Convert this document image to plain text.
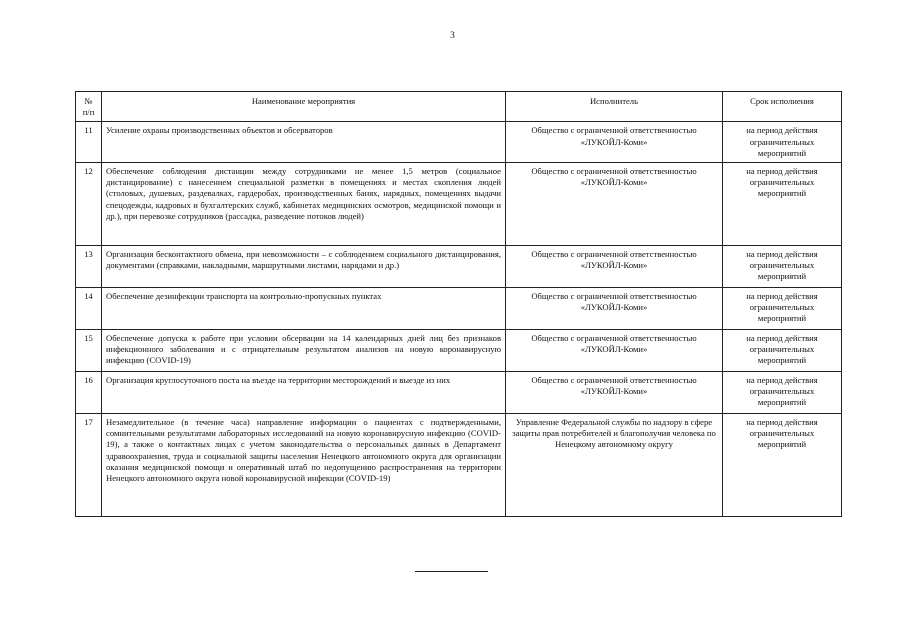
3
№ п/п	Наименование мероприятия	Исполнитель	Срок исполнения
11	Усиление охраны производственных объектов и обсерваторов	Общество с ограниченной ответственностью «ЛУКОЙЛ-Коми»	на период действия ограничительных мероприятий
12	Обеспечение соблюдения дистанции между сотрудниками не менее 1,5 метров (социальное дистанцирование) с нанесением специальной разметки в помещениях и местах скопления людей (столовых, душевых, раздевалках, гардеробах, производственных банях, нарядных, помещениях выдачи спецодежды, кадровых и бухгалтерских служб, кабинетах медицинских осмотров, медицинской помощи и др.), при перевозке сотрудников (рассадка, разведение потоков людей)	Общество с ограниченной ответственностью «ЛУКОЙЛ-Коми»	на период действия ограничительных мероприятий
13	Организация бесконтактного обмена, при невозможности – с соблюдением социального дистанцирования, документами (справками, накладными, маршрутными листами, нарядами и др.)	Общество с ограниченной ответственностью «ЛУКОЙЛ-Коми»	на период действия ограничительных мероприятий
14	Обеспечение дезинфекции транспорта на контрольно-пропускных пунктах	Общество с ограниченной ответственностью «ЛУКОЙЛ-Коми»	на период действия ограничительных мероприятий
15	Обеспечение допуска к работе при условии обсервации на 14 календарных дней лиц без признаков инфекционного заболевания и с отрицательным результатом анализов на новую коронавирусную инфекцию (COVID-19)	Общество с ограниченной ответственностью «ЛУКОЙЛ-Коми»	на период действия ограничительных мероприятий
16	Организация круглосуточного поста на въезде на территории месторождений и выезде из них	Общество с ограниченной ответственностью «ЛУКОЙЛ-Коми»	на период действия ограничительных мероприятий
17	Незамедлительное (в течение часа) направление информации о пациентах с подтвержденными, сомнительными результатами лабораторных исследований на новую коронавирусную инфекцию (COVID-19), а также о контактных лицах с учетом законодательства о персональных данных в Департамент здравоохранения, труда и социальной защиты населения Ненецкого автономного округа для организации оказания медицинской помощи и оперативный штаб по недопущению распространения на территории Ненецкого автономного округа новой коронавирусной инфекции (COVID-19)	Управление Федеральной службы по надзору в сфере защиты прав потребителей и благополучия человека по Ненецкому автономному округу	на период действия ограничительных мероприятий
